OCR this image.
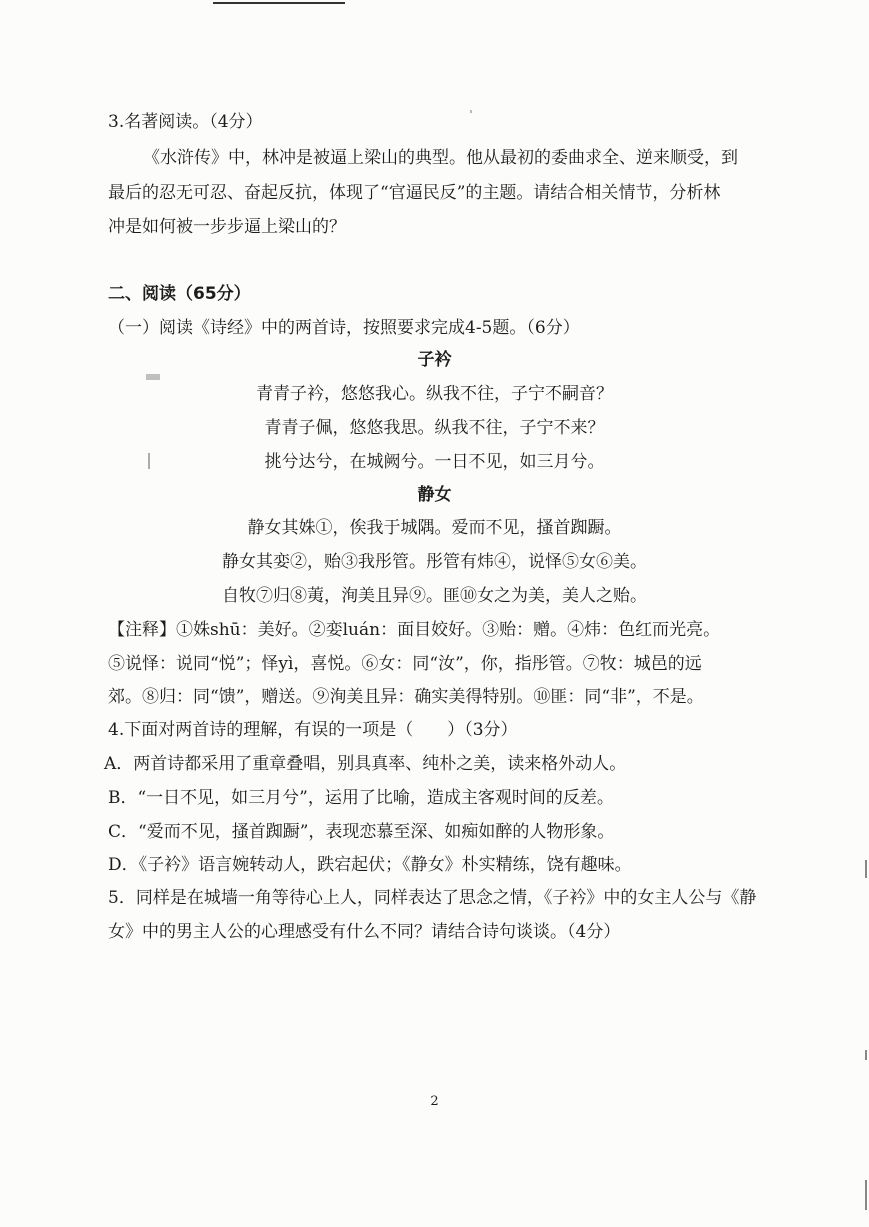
3.名著阅读。（4分）
《水浒传》中，林冲是被逼上梁山的典型。他从最初的委曲求全、逆来顺受，到
最后的忍无可忍、奋起反抗，体现了“官逼民反”的主题。请结合相关情节，分析林
冲是如何被一步步逼上梁山的？
二、阅读（65分）
（一）阅读《诗经》中的两首诗，按照要求完成4-5题。（6分）
子衿
青青子衿，悠悠我心。纵我不往，子宁不嗣音？
青青子佩，悠悠我思。纵我不往，子宁不来？
挑兮达兮，在城阙兮。一日不见，如三月兮。
静女
静女其姝①，俟我于城隅。爱而不见，搔首踟蹰。
静女其娈②，贻③我彤管。彤管有炜④，说怿⑤女⑥美。
自牧⑦归⑧荑，洵美且异⑨。匪⑩女之为美，美人之贻。
【注释】①姝shū：美好。②娈luán：面目姣好。③贻：赠。④炜：色红而光亮。
⑤说怿：说同“悦”；怿yì，喜悦。⑥女：同“汝”，你，指彤管。⑦牧：城邑的远
郊。⑧归：同“馈”，赠送。⑨洵美且异：确实美得特别。⑩匪：同“非”，不是。
4.下面对两首诗的理解，有误的一项是（　　）（3分）
A．两首诗都采用了重章叠唱，别具真率、纯朴之美，读来格外动人。
B．“一日不见，如三月兮”，运用了比喻，造成主客观时间的反差。
C．“爱而不见，搔首踟蹰”，表现恋慕至深、如痴如醉的人物形象。
D．《子衿》语言婉转动人，跌宕起伏；《静女》朴实精练，饶有趣味。
5．同样是在城墙一角等待心上人，同样表达了思念之情，《子衿》中的女主人公与《静
女》中的男主人公的心理感受有什么不同？请结合诗句谈谈。（4分）
2
